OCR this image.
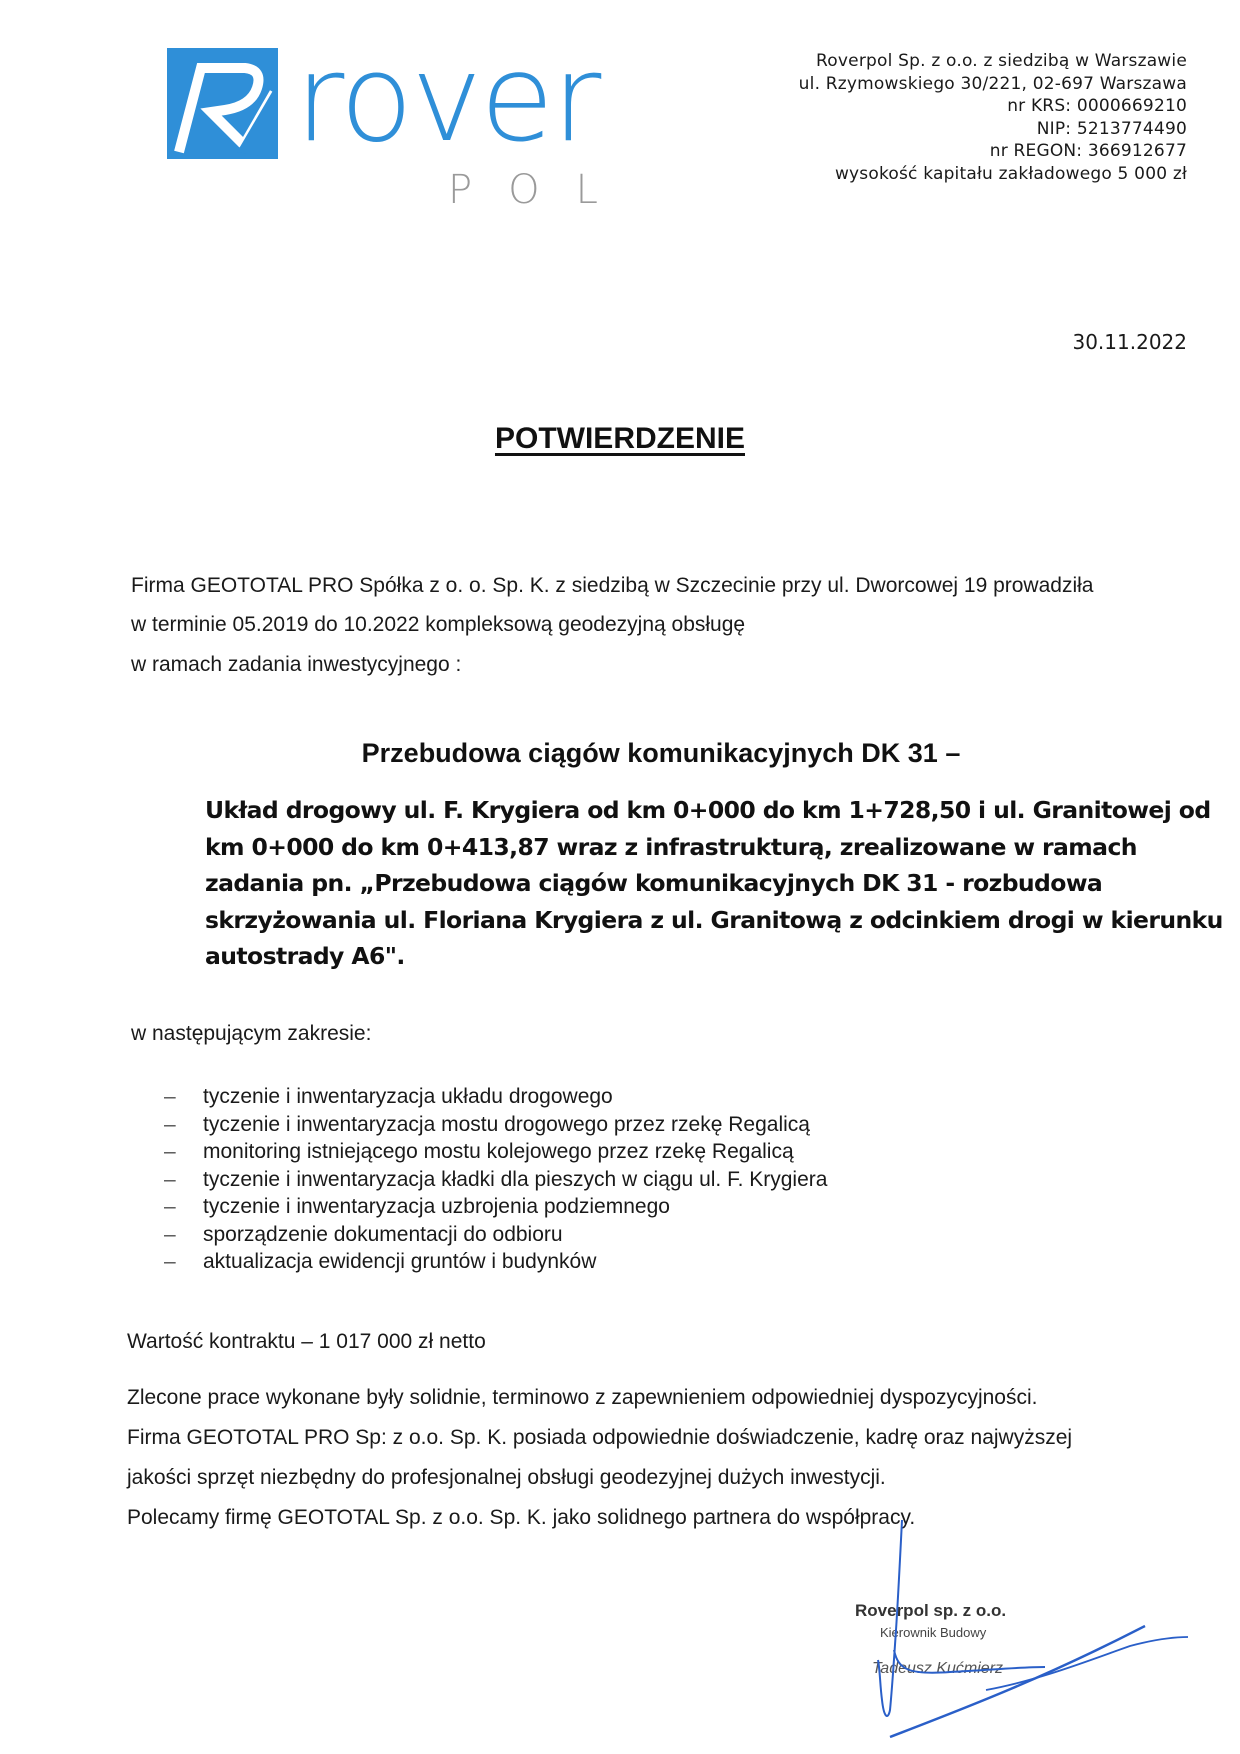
rover
POL
Roverpol Sp. z o.o. z siedzibą w Warszawie
ul. Rzymowskiego 30/221, 02-697 Warszawa
nr KRS: 0000669210
NIP: 5213774490
nr REGON: 366912677
wysokość kapitału zakładowego 5 000 zł
30.11.2022
POTWIERDZENIE
Firma GEOTOTAL PRO Spółka z o. o. Sp. K. z siedzibą w Szczecinie przy ul. Dworcowej 19 prowadziła
w terminie 05.2019 do 10.2022 kompleksową geodezyjną obsługę
w ramach zadania inwestycyjnego :
Przebudowa ciągów komunikacyjnych DK 31 –
Układ drogowy ul. F. Krygiera od km 0+000 do km 1+728,50 i ul. Granitowej od
km 0+000 do km 0+413,87 wraz z infrastrukturą, zrealizowane w ramach
zadania pn. „Przebudowa ciągów komunikacyjnych DK 31 - rozbudowa
skrzyżowania ul. Floriana Krygiera z ul. Granitową z odcinkiem drogi w kierunku
autostrady A6".
w następującym zakresie:
–	tyczenie i inwentaryzacja układu drogowego
–	tyczenie i inwentaryzacja mostu drogowego przez rzekę Regalicą
–	monitoring istniejącego mostu kolejowego przez rzekę Regalicą
–	tyczenie i inwentaryzacja kładki dla pieszych w ciągu ul. F. Krygiera
–	tyczenie i inwentaryzacja uzbrojenia podziemnego
–	sporządzenie dokumentacji do odbioru
–	aktualizacja ewidencji gruntów i budynków
Wartość kontraktu – 1 017 000 zł netto
Zlecone prace wykonane były solidnie, terminowo z zapewnieniem odpowiedniej dyspozycyjności.
Firma GEOTOTAL PRO Sp: z o.o. Sp. K. posiada odpowiednie doświadczenie, kadrę oraz najwyższej
jakości sprzęt niezbędny do profesjonalnej obsługi geodezyjnej dużych inwestycji.
Polecamy firmę GEOTOTAL Sp. z o.o. Sp. K. jako solidnego partnera do współpracy.
Roverpol sp. z o.o.
Kierownik Budowy
Tadeusz Kućmierz
